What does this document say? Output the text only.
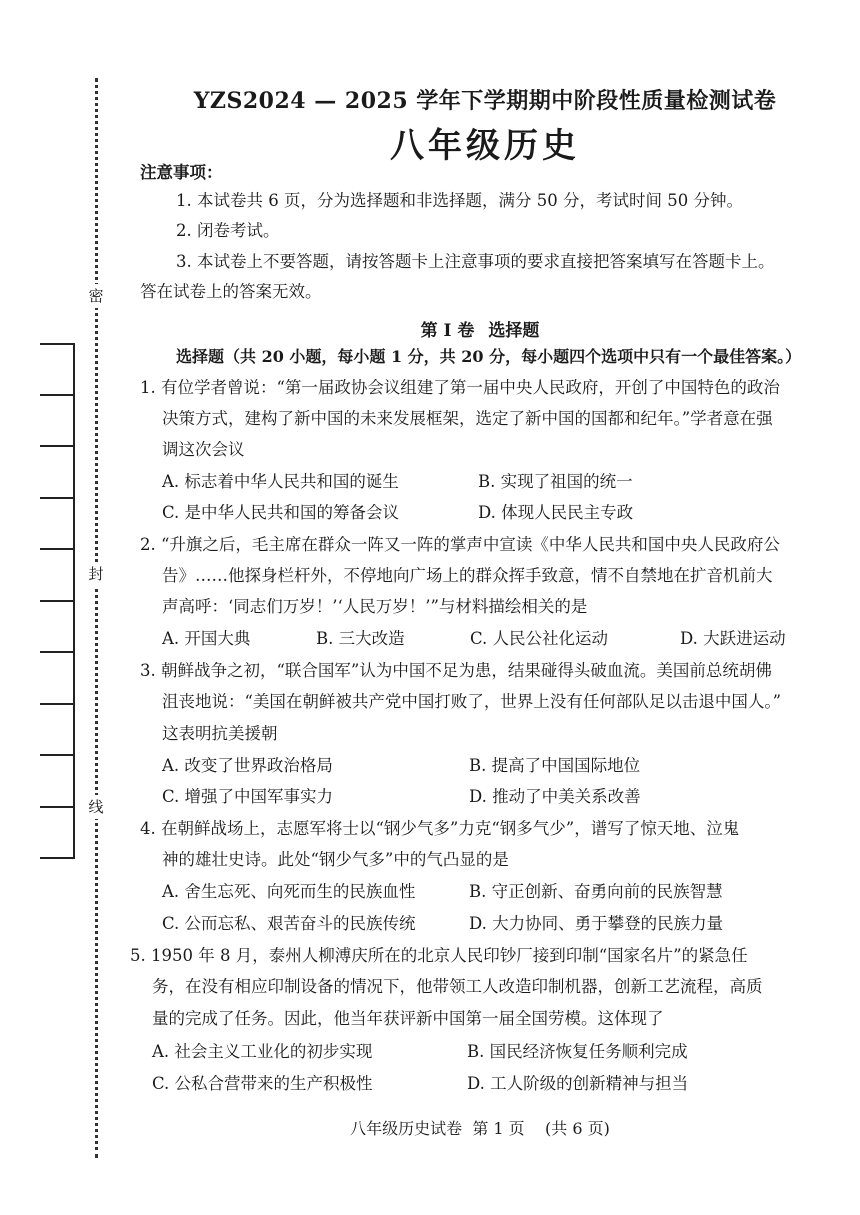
密
封
线
YZS2024 — 2025 学年下学期期中阶段性质量检测试卷
八年级历史
注意事项：
1. 本试卷共 6 页，分为选择题和非选择题，满分 50 分，考试时间 50 分钟。
2. 闭卷考试。
3. 本试卷上不要答题，请按答题卡上注意事项的要求直接把答案填写在答题卡上。
答在试卷上的答案无效。
第 I 卷 选择题
选择题（共 20 小题，每小题 1 分，共 20 分，每小题四个选项中只有一个最佳答案。）
1. 有位学者曾说：“第一届政协会议组建了第一届中央人民政府，开创了中国特色的政治
决策方式，建构了新中国的未来发展框架，选定了新中国的国都和纪年。”学者意在强
调这次会议
A. 标志着中华人民共和国的诞生	B. 实现了祖国的统一
C. 是中华人民共和国的筹备会议	D. 体现人民民主专政
2. “升旗之后，毛主席在群众一阵又一阵的掌声中宣读《中华人民共和国中央人民政府公
告》……他探身栏杆外，不停地向广场上的群众挥手致意，情不自禁地在扩音机前大
声高呼：‘同志们万岁！’‘人民万岁！’”与材料描绘相关的是
A. 开国大典	B. 三大改造	C. 人民公社化运动	D. 大跃进运动
3. 朝鲜战争之初，“联合国军”认为中国不足为患，结果碰得头破血流。美国前总统胡佛
沮丧地说：“美国在朝鲜被共产党中国打败了，世界上没有任何部队足以击退中国人。”
这表明抗美援朝
A. 改变了世界政治格局	B. 提高了中国国际地位
C. 增强了中国军事实力	D. 推动了中美关系改善
4. 在朝鲜战场上，志愿军将士以“钢少气多”力克“钢多气少”，谱写了惊天地、泣鬼
神的雄壮史诗。此处“钢少气多”中的气凸显的是
A. 舍生忘死、向死而生的民族血性	B. 守正创新、奋勇向前的民族智慧
C. 公而忘私、艰苦奋斗的民族传统	D. 大力协同、勇于攀登的民族力量
5. 1950 年 8 月，泰州人柳溥庆所在的北京人民印钞厂接到印制“国家名片”的紧急任
务，在没有相应印制设备的情况下，他带领工人改造印制机器，创新工艺流程，高质
量的完成了任务。因此，他当年获评新中国第一届全国劳模。这体现了
A. 社会主义工业化的初步实现	B. 国民经济恢复任务顺利完成
C. 公私合营带来的生产积极性	D. 工人阶级的创新精神与担当
八年级历史试卷  第 1 页    (共 6 页)
